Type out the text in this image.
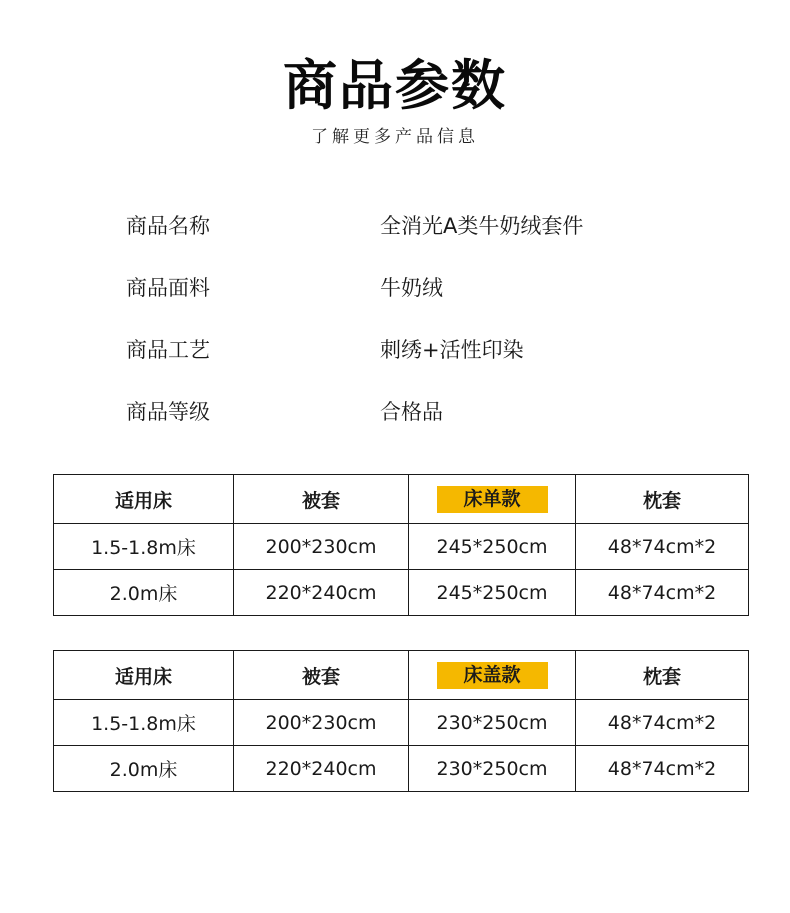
商品参数
了解更多产品信息
商品名称	全消光A类牛奶绒套件
商品面料	牛奶绒
商品工艺	刺绣+活性印染
商品等级	合格品
适用床	被套	床单款	枕套
1.5-1.8m床	200*230cm	245*250cm	48*74cm*2
2.0m床	220*240cm	245*250cm	48*74cm*2
适用床	被套	床盖款	枕套
1.5-1.8m床	200*230cm	230*250cm	48*74cm*2
2.0m床	220*240cm	230*250cm	48*74cm*2
